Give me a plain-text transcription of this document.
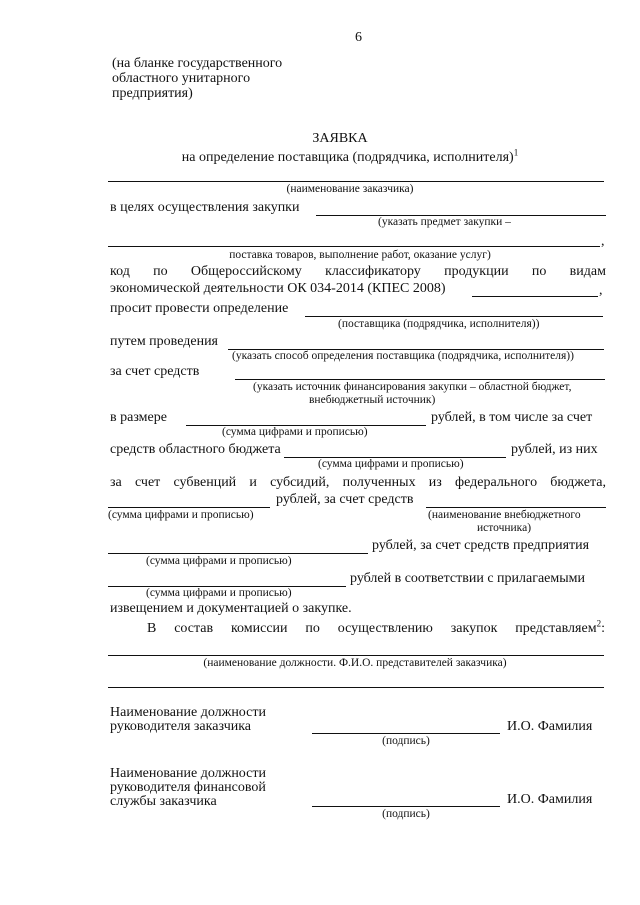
6
(на бланке государственного
областного унитарного
предприятия)
ЗАЯВКА
на определение поставщика (подрядчика, исполнителя)$^1$
(наименование заказчика)
в целях осуществления закупки
(указать предмет закупки –
,
поставка товаров, выполнение работ, оказание услуг)
код по Общероссийскому классификатору продукции по видам
экономической деятельности ОК 034-2014 (КПЕС 2008)	,
просит провести определение
(поставщика (подрядчика, исполнителя))
путем проведения
(указать способ определения поставщика (подрядчика, исполнителя))
за счет средств
(указать источник финансирования закупки – областной бюджет,
внебюджетный источник)
в размере	рублей, в том числе за счет
(сумма цифрами и прописью)
средств областного бюджета	рублей, из них
(сумма цифрами и прописью)
за счет субвенций и субсидий, полученных из федерального бюджета,
рублей, за счет средств
(сумма цифрами и прописью)	(наименование внебюджетного
источника)
рублей, за счет средств предприятия
(сумма цифрами и прописью)
рублей в соответствии с прилагаемыми
(сумма цифрами и прописью)
извещением и документацией о закупке.
В состав комиссии по осуществлению закупок представляем$^2$:
(наименование должности. Ф.И.О. представителей заказчика)
Наименование должности
руководителя заказчика	И.О. Фамилия
(подпись)
Наименование должности
руководителя финансовой
службы заказчика	И.О. Фамилия
(подпись)
